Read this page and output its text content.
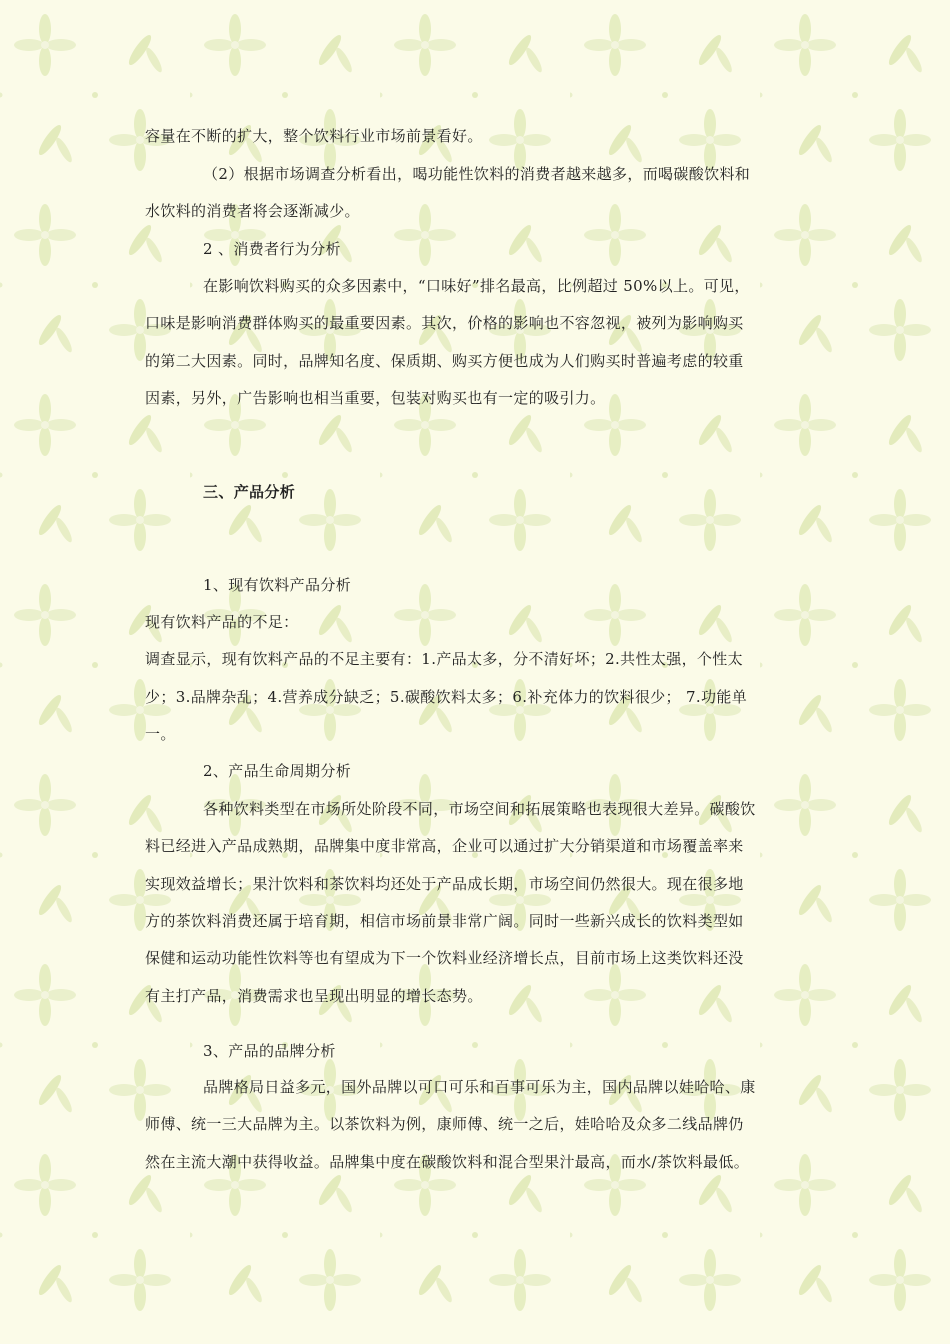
容量在不断的扩大，整个饮料行业市场前景看好。
（2）根据市场调查分析看出，喝功能性饮料的消费者越来越多，而喝碳酸饮料和
水饮料的消费者将会逐渐减少。
2 、消费者行为分析
在影响饮料购买的众多因素中，“口味好”排名最高，比例超过 50%以上。可见，
口味是影响消费群体购买的最重要因素。其次，价格的影响也不容忽视，被列为影响购买
的第二大因素。同时，品牌知名度、保质期、购买方便也成为人们购买时普遍考虑的较重
因素，另外，广告影响也相当重要，包装对购买也有一定的吸引力。
三、产品分析
1、现有饮料产品分析
现有饮料产品的不足：
调查显示，现有饮料产品的不足主要有：1.产品太多，分不清好坏；2.共性太强，个性太
少；3.品牌杂乱；4.营养成分缺乏；5.碳酸饮料太多；6.补充体力的饮料很少； 7.功能单
一。
2、产品生命周期分析
各种饮料类型在市场所处阶段不同，市场空间和拓展策略也表现很大差异。碳酸饮
料已经进入产品成熟期，品牌集中度非常高，企业可以通过扩大分销渠道和市场覆盖率来
实现效益增长；果汁饮料和茶饮料均还处于产品成长期，市场空间仍然很大。现在很多地
方的茶饮料消费还属于培育期，相信市场前景非常广阔。同时一些新兴成长的饮料类型如
保健和运动功能性饮料等也有望成为下一个饮料业经济增长点，目前市场上这类饮料还没
有主打产品，消费需求也呈现出明显的增长态势。
3、产品的品牌分析
品牌格局日益多元，国外品牌以可口可乐和百事可乐为主，国内品牌以娃哈哈、康
师傅、统一三大品牌为主。以茶饮料为例，康师傅、统一之后，娃哈哈及众多二线品牌仍
然在主流大潮中获得收益。品牌集中度在碳酸饮料和混合型果汁最高，而水/茶饮料最低。
